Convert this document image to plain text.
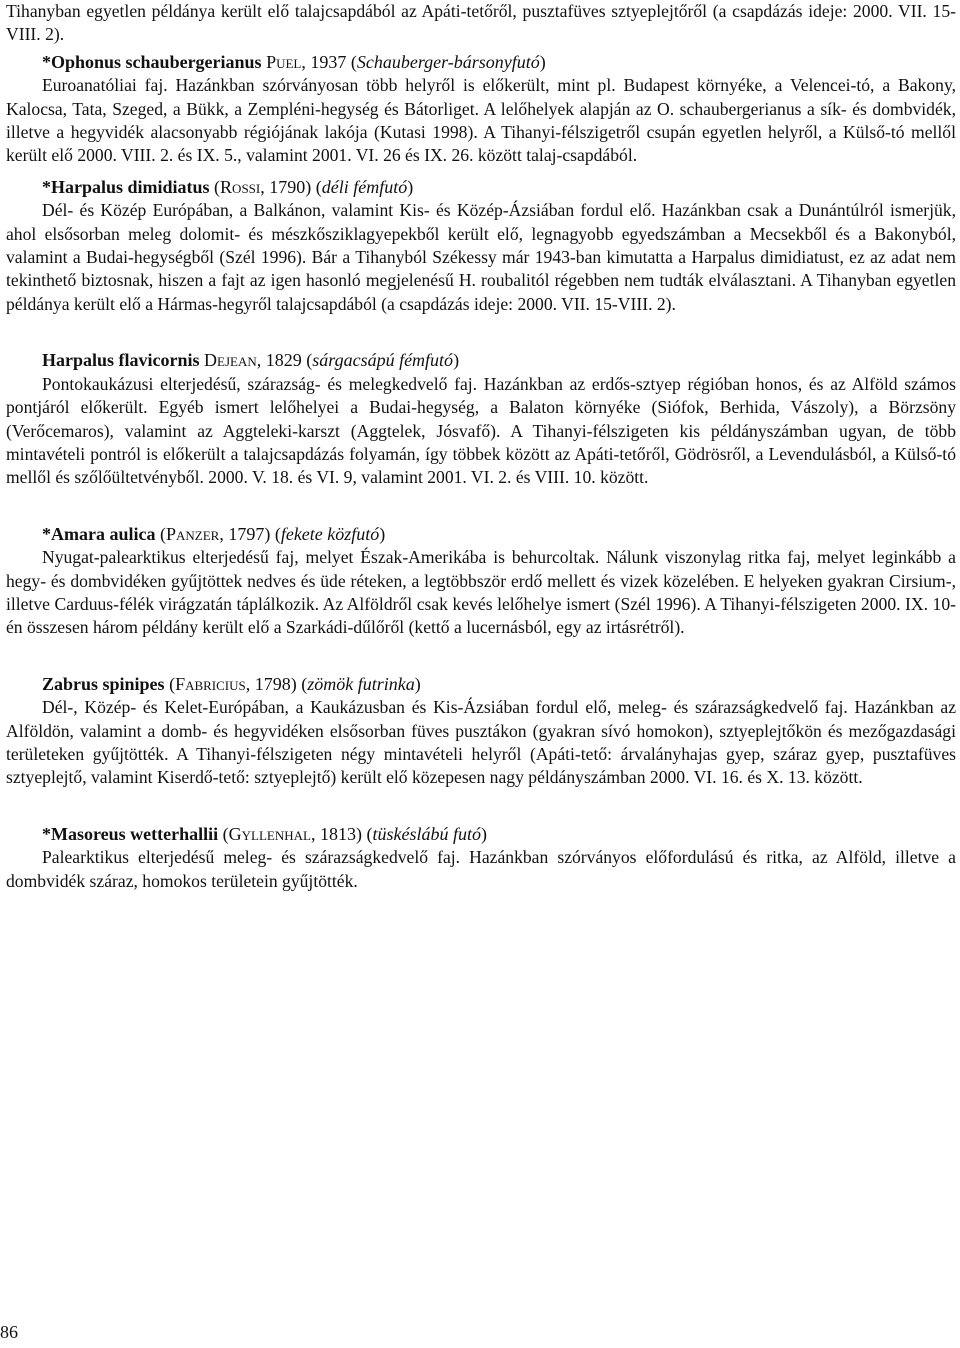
Tihanyban egyetlen példánya került elő talajcsapdából az Apáti-tetőről, pusztafüves sztyeplejtőről (a csapdázás ideje: 2000. VII. 15-VIII. 2).

*Ophonus schaubergerianus Puel, 1937 (Schauberger-bársonyfutó)

Euroanatóliai faj. Hazánkban szórványosan több helyről is előkerült, mint pl. Budapest környéke, a Velencei-tó, a Bakony, Kalocsa, Tata, Szeged, a Bükk, a Zempléni-hegység és Bátorliget. A lelőhelyek alapján az O. schaubergerianus a sík- és dombvidék, illetve a hegyvidék alacsonyabb régiójának lakója (Kutasi 1998). A Tihanyi-félszigetről csupán egyetlen helyről, a Külső-tó mellől került elő 2000. VIII. 2. és IX. 5., valamint 2001. VI. 26 és IX. 26. között talaj-csapdából.

*Harpalus dimidiatus (Rossi, 1790) (déli fémfutó)

Dél- és Közép Európában, a Balkánon, valamint Kis- és Közép-Ázsiában fordul elő. Hazánkban csak a Dunántúlról ismerjük, ahol elsősorban meleg dolomit- és mészkősziklagyepekből került elő, legnagyobb egyedszámban a Mecsekből és a Bakonyból, valamint a Budai-hegységből (Szél 1996). Bár a Tihanyból Székessy már 1943-ban kimutatta a Harpalus dimidiatust, ez az adat nem tekinthető biztosnak, hiszen a fajt az igen hasonló megjelenésű H. roubalitól régebben nem tudták elválasztani. A Tihanyban egyetlen példánya került elő a Hármas-hegyről talajcsapdából (a csapdázás ideje: 2000. VII. 15-VIII. 2).

Harpalus flavicornis Dejean, 1829 (sárgacsápú fémfutó)

Pontokaukázusi elterjedésű, szárazság- és melegkedvelő faj. Hazánkban az erdős-sztyep régióban honos, és az Alföld számos pontjáról előkerült. Egyéb ismert lelőhelyei a Budai-hegység, a Balaton környéke (Siófok, Berhida, Vászoly), a Börzsöny (Verőcemaros), valamint az Aggteleki-karszt (Aggtelek, Jósvafő). A Tihanyi-félszigeten kis példányszámban ugyan, de több mintavételi pontról is előkerült a talajcsapdázás folyamán, így többek között az Apáti-tetőről, Gödrösről, a Levendulásból, a Külső-tó mellől és szőlőültetvényből. 2000. V. 18. és VI. 9, valamint 2001. VI. 2. és VIII. 10. között.

*Amara aulica (Panzer, 1797) (fekete közfutó)

Nyugat-palearktikus elterjedésű faj, melyet Észak-Amerikába is behurcoltak. Nálunk viszonylag ritka faj, melyet leginkább a hegy- és dombvidéken gyűjtöttek nedves és üde réteken, a legtöbbször erdő mellett és vizek közelében. E helyeken gyakran Cirsium-, illetve Carduus-félék virágzatán táplálkozik. Az Alföldről csak kevés lelőhelye ismert (Szél 1996). A Tihanyi-félszigeten 2000. IX. 10-én összesen három példány került elő a Szarkádi-dűlőről (kettő a lucernásból, egy az irtásrétről).

Zabrus spinipes (Fabricius, 1798) (zömök futrinka)

Dél-, Közép- és Kelet-Európában, a Kaukázusban és Kis-Ázsiában fordul elő, meleg- és szárazságkedvelő faj. Hazánkban az Alföldön, valamint a domb- és hegyvidéken elsősorban füves pusztákon (gyakran sívó homokon), sztyeplejtőkön és mezőgazdasági területeken gyűjtötték. A Tihanyi-félszigeten négy mintavételi helyről (Apáti-tető: árvalányhajas gyep, száraz gyep, pusztafüves sztyeplejtő, valamint Kiserdő-tető: sztyeplejtő) került elő közepesen nagy példányszámban 2000. VI. 16. és X. 13. között.

*Masoreus wetterhallii (Gyllenhal, 1813) (tüskéslábú futó)

Palearktikus elterjedésű meleg- és szárazságkedvelő faj. Hazánkban szórványos előfordulású és ritka, az Alföld, illetve a dombvidék száraz, homokos területein gyűjtötték.

86
